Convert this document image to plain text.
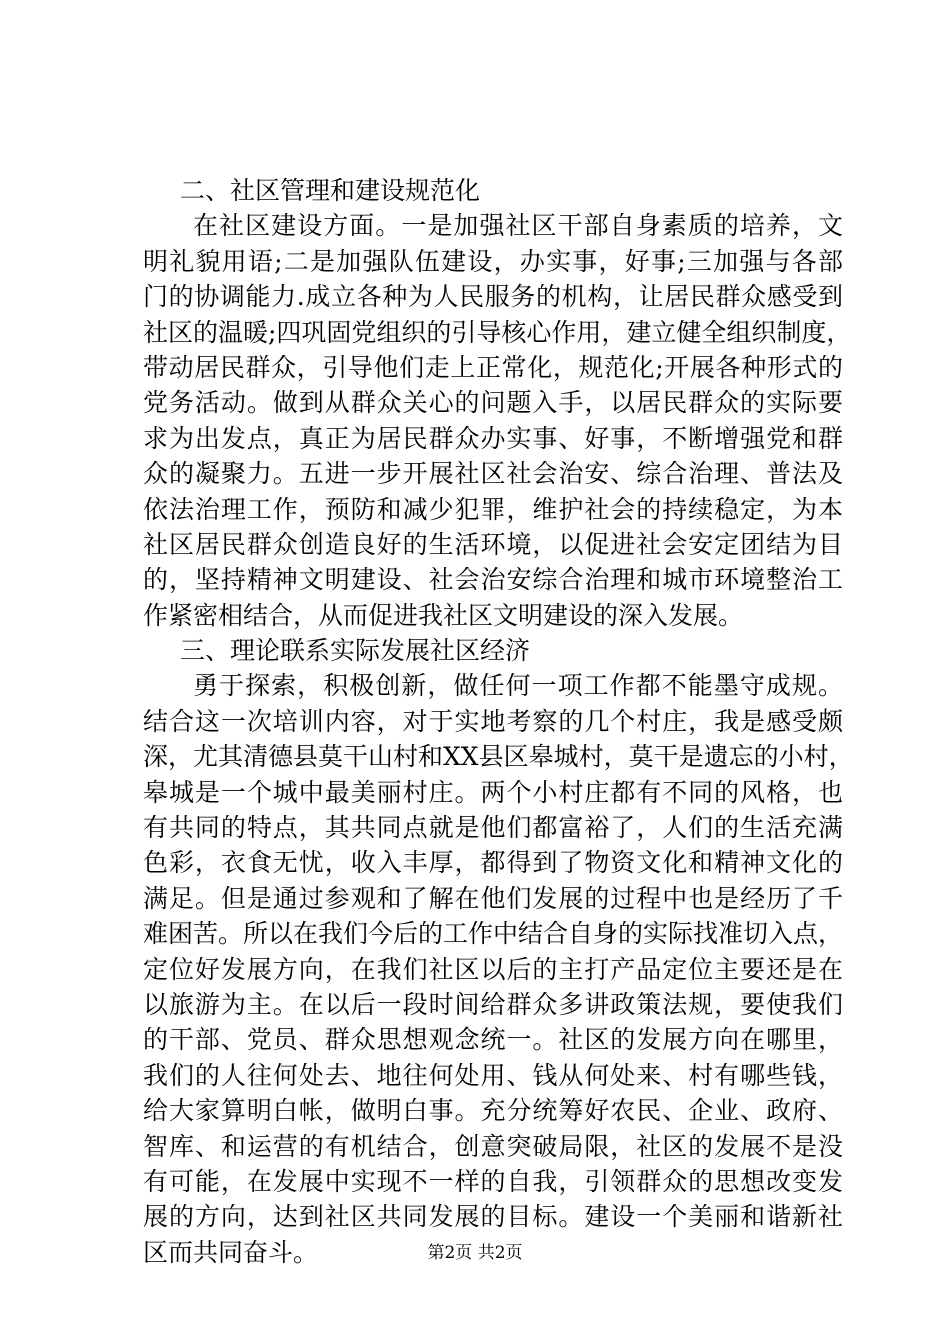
二、社区管理和建设规范化
在社区建设方面。一是加强社区干部自身素质的培养，文
明礼貌用语;二是加强队伍建设，办实事，好事;三加强与各部
门的协调能力.成立各种为人民服务的机构，让居民群众感受到
社区的温暖;四巩固党组织的引导核心作用，建立健全组织制度，
带动居民群众，引导他们走上正常化，规范化;开展各种形式的
党务活动。做到从群众关心的问题入手，以居民群众的实际要
求为出发点，真正为居民群众办实事、好事，不断增强党和群
众的凝聚力。五进一步开展社区社会治安、综合治理、普法及
依法治理工作，预防和减少犯罪，维护社会的持续稳定，为本
社区居民群众创造良好的生活环境，以促进社会安定团结为目
的，坚持精神文明建设、社会治安综合治理和城市环境整治工
作紧密相结合，从而促进我社区文明建设的深入发展。
三、理论联系实际发展社区经济
勇于探索，积极创新，做任何一项工作都不能墨守成规。
结合这一次培训内容，对于实地考察的几个村庄，我是感受颇
深，尤其清德县莫干山村和XX县区皋城村，莫干是遗忘的小村，
皋城是一个城中最美丽村庄。两个小村庄都有不同的风格，也
有共同的特点，其共同点就是他们都富裕了，人们的生活充满
色彩，衣食无忧，收入丰厚，都得到了物资文化和精神文化的
满足。但是通过参观和了解在他们发展的过程中也是经历了千
难困苦。所以在我们今后的工作中结合自身的实际找准切入点，
定位好发展方向，在我们社区以后的主打产品定位主要还是在
以旅游为主。在以后一段时间给群众多讲政策法规，要使我们
的干部、党员、群众思想观念统一。社区的发展方向在哪里，
我们的人往何处去、地往何处用、钱从何处来、村有哪些钱，
给大家算明白帐，做明白事。充分统筹好农民、企业、政府、
智库、和运营的有机结合，创意突破局限，社区的发展不是没
有可能，在发展中实现不一样的自我，引领群众的思想改变发
展的方向，达到社区共同发展的目标。建设一个美丽和谐新社
区而共同奋斗。	第2页 共2页
